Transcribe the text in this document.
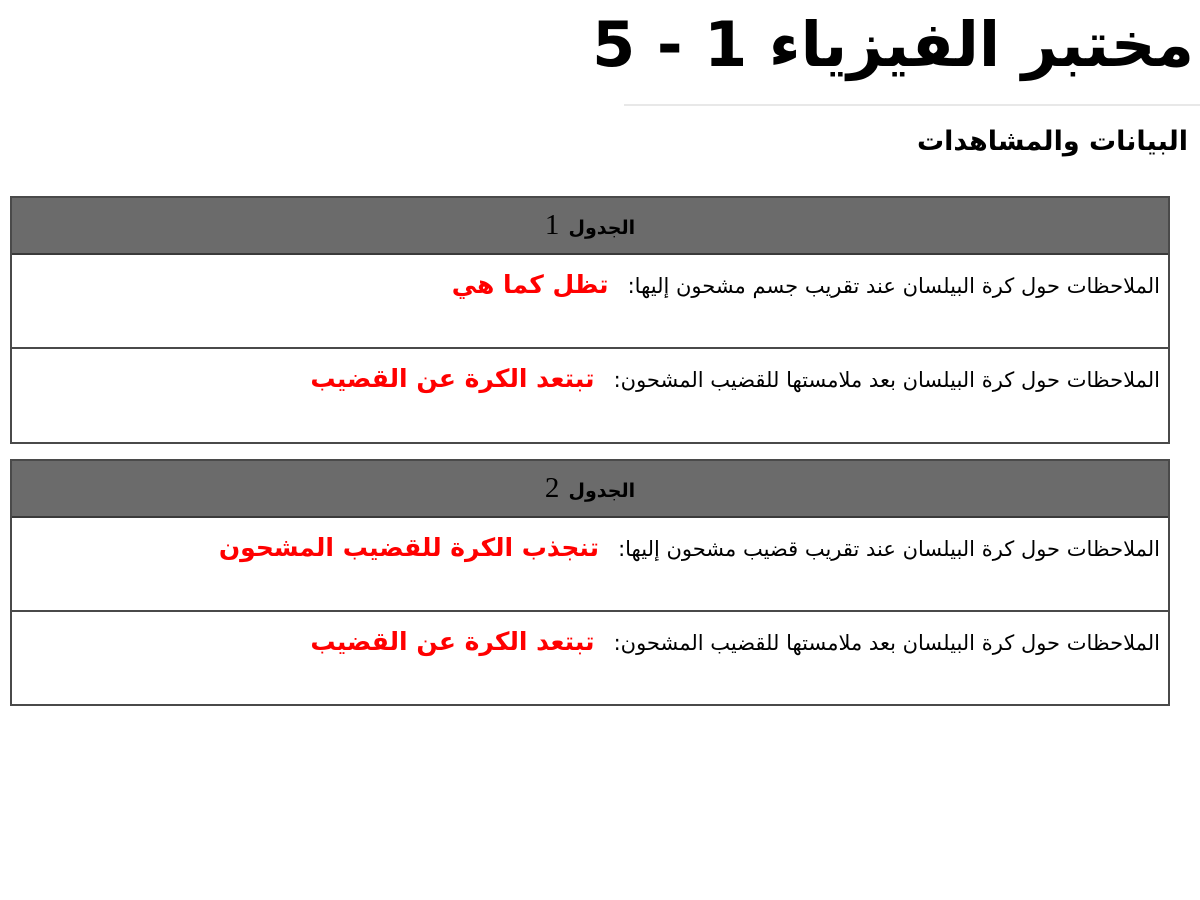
مختبر الفيزياء 1 - 5
البيانات والمشاهدات
الجدول 1
الملاحظات حول كرة البيلسان عند تقريب جسم مشحون إليها: تظل كما هي
الملاحظات حول كرة البيلسان بعد ملامستها للقضيب المشحون: تبتعد الكرة عن القضيب
الجدول 2
الملاحظات حول كرة البيلسان عند تقريب قضيب مشحون إليها: تنجذب الكرة للقضيب المشحون
الملاحظات حول كرة البيلسان بعد ملامستها للقضيب المشحون: تبتعد الكرة عن القضيب
